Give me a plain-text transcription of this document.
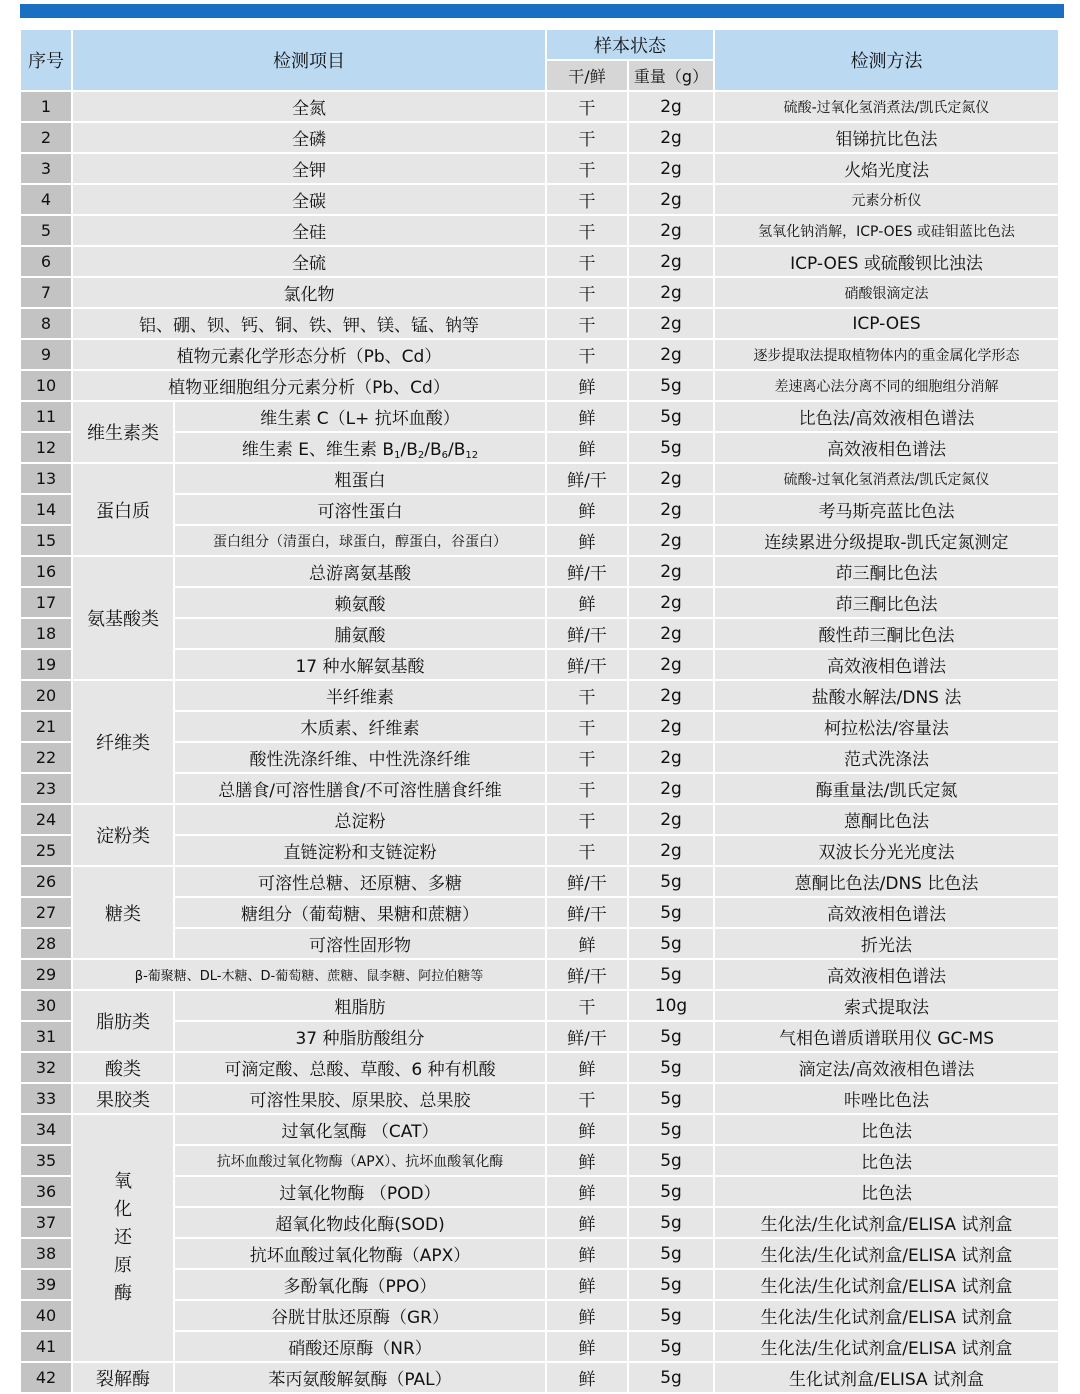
序号	检测项目		样本状态		检测方法
			干/鲜	重量（g）	
1	全氮		干	2g	硫酸-过氧化氢消煮法/凯氏定氮仪
2	全磷		干	2g	钼锑抗比色法
3	全钾		干	2g	火焰光度法
4	全碳		干	2g	元素分析仪
5	全硅		干	2g	氢氧化钠消解，ICP-OES 或硅钼蓝比色法
6	全硫		干	2g	ICP-OES 或硫酸钡比浊法
7	氯化物		干	2g	硝酸银滴定法
8	铝、硼、钡、钙、铜、铁、钾、镁、锰、钠等		干	2g	ICP-OES
9	植物元素化学形态分析（Pb、Cd）		干	2g	逐步提取法提取植物体内的重金属化学形态
10	植物亚细胞组分元素分析（Pb、Cd）		鲜	5g	差速离心法分离不同的细胞组分消解
11	维生素类	维生素 C（L+ 抗坏血酸）	鲜	5g	比色法/高效液相色谱法
12		维生素 E、维生素 $B_1/B_2/B_6/B_{12}$	鲜	5g	高效液相色谱法
13	蛋白质	粗蛋白	鲜/干	2g	硫酸-过氧化氢消煮法/凯氏定氮仪
14		可溶性蛋白	鲜	2g	考马斯亮蓝比色法
15		蛋白组分（清蛋白，球蛋白，醇蛋白，谷蛋白）	鲜	2g	连续累进分级提取-凯氏定氮测定
16	氨基酸类	总游离氨基酸	鲜/干	2g	茚三酮比色法
17		赖氨酸	鲜	2g	茚三酮比色法
18		脯氨酸	鲜/干	2g	酸性茚三酮比色法
19		17 种水解氨基酸	鲜/干	2g	高效液相色谱法
20	纤维类	半纤维素	干	2g	盐酸水解法/DNS 法
21		木质素、纤维素	干	2g	柯拉松法/容量法
22		酸性洗涤纤维、中性洗涤纤维	干	2g	范式洗涤法
23		总膳食/可溶性膳食/不可溶性膳食纤维	干	2g	酶重量法/凯氏定氮
24	淀粉类	总淀粉	干	2g	蒽酮比色法
25		直链淀粉和支链淀粉	干	2g	双波长分光光度法
26	糖类	可溶性总糖、还原糖、多糖	鲜/干	5g	蒽酮比色法/DNS 比色法
27		糖组分（葡萄糖、果糖和蔗糖）	鲜/干	5g	高效液相色谱法
28		可溶性固形物	鲜	5g	折光法
29	β-葡聚糖、DL-木糖、D-葡萄糖、蔗糖、鼠李糖、阿拉伯糖等		鲜/干	5g	高效液相色谱法
30	脂肪类	粗脂肪	干	10g	索式提取法
31		37 种脂肪酸组分	鲜/干	5g	气相色谱质谱联用仪 GC-MS
32	酸类	可滴定酸、总酸、草酸、6 种有机酸	鲜	5g	滴定法/高效液相色谱法
33	果胶类	可溶性果胶、原果胶、总果胶	干	5g	咔唑比色法
34	氧化还原酶	过氧化氢酶 （CAT）	鲜	5g	比色法
35		抗坏血酸过氧化物酶（APX）、抗坏血酸氧化酶	鲜	5g	比色法
36		过氧化物酶 （POD）	鲜	5g	比色法
37		超氧化物歧化酶(SOD)	鲜	5g	生化法/生化试剂盒/ELISA 试剂盒
38		抗坏血酸过氧化物酶（APX）	鲜	5g	生化法/生化试剂盒/ELISA 试剂盒
39		多酚氧化酶（PPO）	鲜	5g	生化法/生化试剂盒/ELISA 试剂盒
40		谷胱甘肽还原酶（GR）	鲜	5g	生化法/生化试剂盒/ELISA 试剂盒
41		硝酸还原酶（NR）	鲜	5g	生化法/生化试剂盒/ELISA 试剂盒
42	裂解酶	苯丙氨酸解氨酶（PAL）	鲜	5g	生化试剂盒/ELISA 试剂盒
